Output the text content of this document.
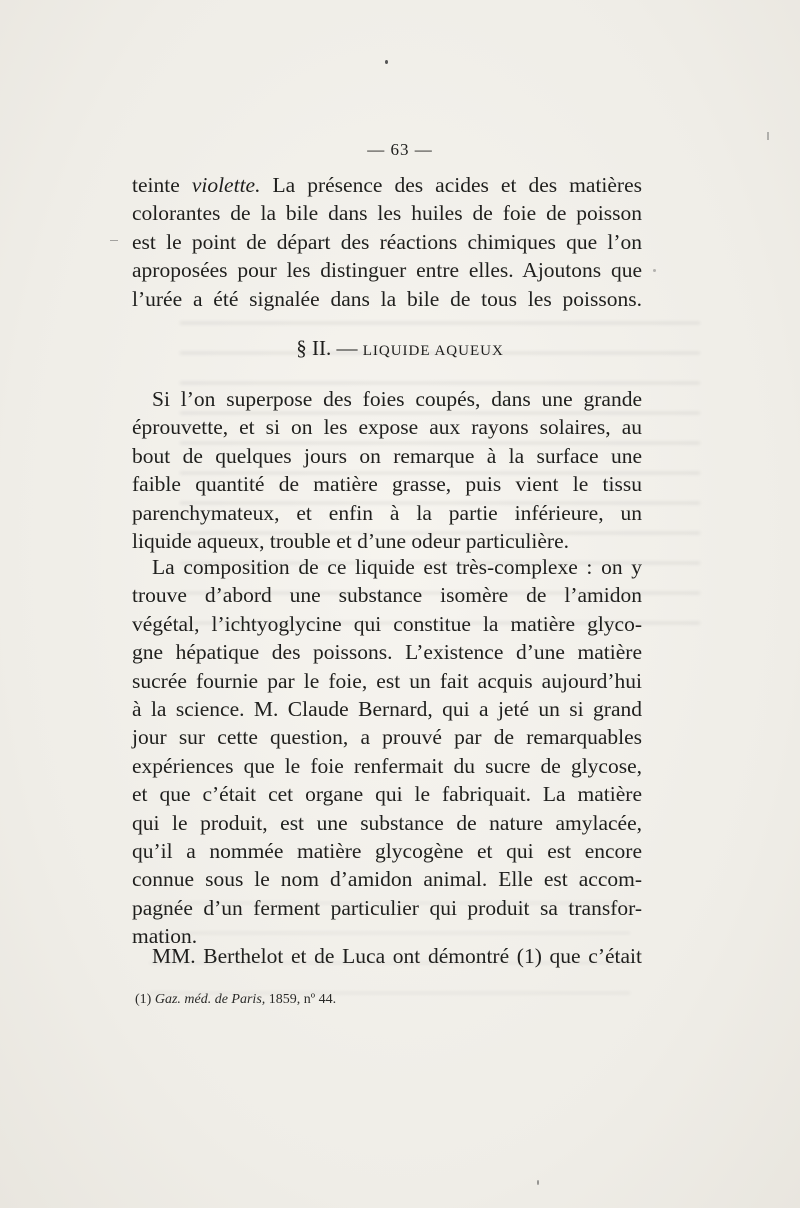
— 63 —
teinte violette. La présence des acides et des matières
colorantes de la bile dans les huiles de foie de poisson
est le point de départ des réactions chimiques que l’on
aproposées pour les distinguer entre elles. Ajoutons que
l’urée a été signalée dans la bile de tous les poissons.
§ II. — LIQUIDE AQUEUX
Si l’on superpose des foies coupés, dans une grande
éprouvette, et si on les expose aux rayons solaires, au
bout de quelques jours on remarque à la surface une
faible quantité de matière grasse, puis vient le tissu
parenchymateux, et enfin à la partie inférieure, un
liquide aqueux, trouble et d’une odeur particulière.
La composition de ce liquide est très-complexe : on y
trouve d’abord une substance isomère de l’amidon
végétal, l’ichtyoglycine qui constitue la matière glyco-
gne hépatique des poissons. L’existence d’une matière
sucrée fournie par le foie, est un fait acquis aujourd’hui
à la science. M. Claude Bernard, qui a jeté un si grand
jour sur cette question, a prouvé par de remarquables
expériences que le foie renfermait du sucre de glycose,
et que c’était cet organe qui le fabriquait. La matière
qui le produit, est une substance de nature amylacée,
qu’il a nommée matière glycogène et qui est encore
connue sous le nom d’amidon animal. Elle est accom-
pagnée d’un ferment particulier qui produit sa transfor-
mation.
MM. Berthelot et de Luca ont démontré (1) que c’était
(1) Gaz. méd. de Paris, 1859, nº 44.
